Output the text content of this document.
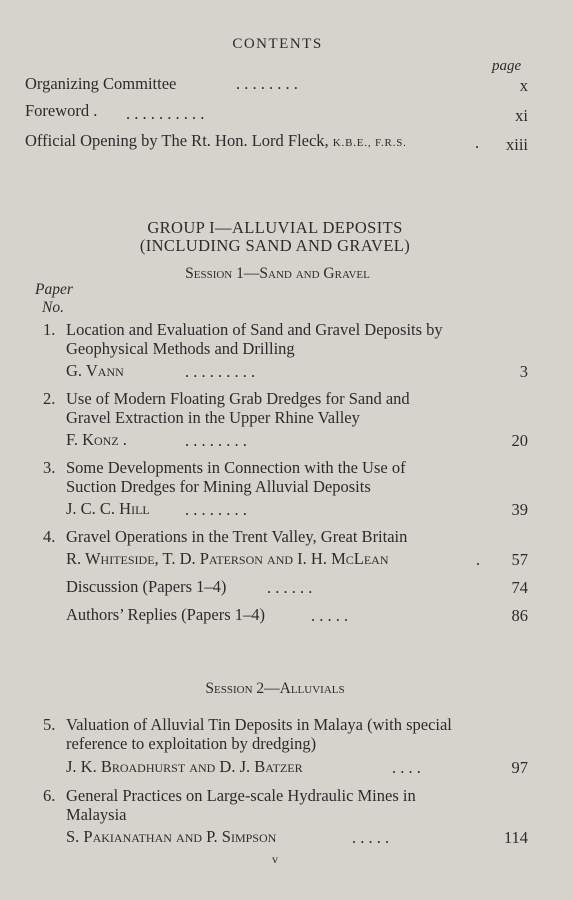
CONTENTS
page
Organizing Committee	. . . . . . . .	x
Foreword . . . . . . . . . . .	xi
Official Opening by The Rt. Hon. Lord Fleck, K.B.E., F.R.S.	.	xiii
GROUP I—ALLUVIAL DEPOSITS
(INCLUDING SAND AND GRAVEL)
Session 1—Sand and Gravel
Paper
No.
1. Location and Evaluation of Sand and Gravel Deposits by
Geophysical Methods and Drilling
G. Vann	. . . . . . . . .	3
2. Use of Modern Floating Grab Dredges for Sand and
Gravel Extraction in the Upper Rhine Valley
F. Konz .	. . . . . . . .	20
3. Some Developments in Connection with the Use of
Suction Dredges for Mining Alluvial Deposits
J. C. C. Hill . . . . . . . .	39
4. Gravel Operations in the Trent Valley, Great Britain
R. Whiteside, T. D. Paterson and I. H. McLean	.	57
Discussion (Papers 1–4) . . . . . .	74
Authors’ Replies (Papers 1–4)	. . . . .	86
Session 2—Alluvials
5. Valuation of Alluvial Tin Deposits in Malaya (with special
reference to exploitation by dredging)
J. K. Broadhurst and D. J. Batzer	. . . .	97
6. General Practices on Large-scale Hydraulic Mines in
Malaysia
S. Pakianathan and P. Simpson	. . . . .	114
v
